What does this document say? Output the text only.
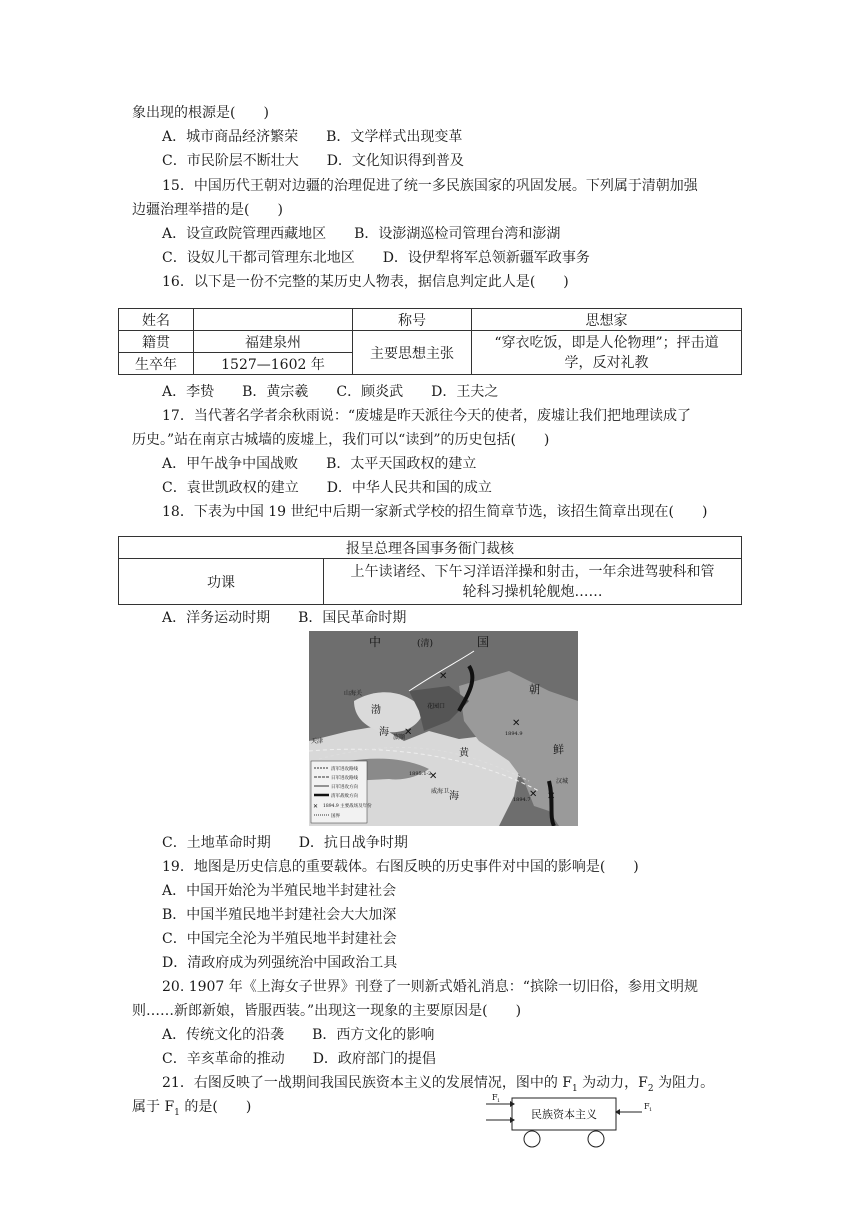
象出现的根源是(　　)
A．城市商品经济繁荣　　B．文学样式出现变革
C．市民阶层不断壮大　　D．文化知识得到普及
15．中国历代王朝对边疆的治理促进了统一多民族国家的巩固发展。下列属于清朝加强
边疆治理举措的是(　　)
A．设宣政院管理西藏地区　　B．设澎湖巡检司管理台湾和澎湖
C．设奴儿干都司管理东北地区　　D．设伊犁将军总领新疆军政事务
16．以下是一份不完整的某历史人物表，据信息判定此人是(　　)
姓名		称号	思想家
籍贯	福建泉州	主要思想主张	“穿衣吃饭，即是人伦物理”；抨击道
学，反对礼教

生卒年	1527—1602 年		
A．李贽　　B．黄宗羲　　C．顾炎武　　D．王夫之
17．当代著名学者余秋雨说：“废墟是昨天派往今天的使者，废墟让我们把地理读成了
历史。”站在南京古城墙的废墟上，我们可以“读到”的历史包括(　　)
A．甲午战争中国战败　　B．太平天国政权的建立
C．袁世凯政权的建立　　D．中华人民共和国的成立
18．下表为中国 19 世纪中后期一家新式学校的招生简章节选，该招生简章出现在(　　)
报呈总理各国事务衙门裁核
功课	
上午读诸经、下午习洋语洋操和射击，一年余进驾驶科和管
轮科习操机轮舰炮……
A．洋务运动时期　　B．国民革命时期
✕
✕
✕
✕
✕ ✕
中	(清)	国
朝
鲜
渤
海
黄
海
山海关
花园口
旅顺
威海卫
汉城
天津
1894.9
1895.1-2
1894.7
清军进攻路线
日军进攻路线
日军进攻方向
清军战败方向
1894.9 主要战场及年份
国界
✕
C．土地革命时期　　D．抗日战争时期
19．地图是历史信息的重要载体。右图反映的历史事件对中国的影响是(　　)
A．中国开始沦为半殖民地半封建社会
B．中国半殖民地半封建社会大大加深
C．中国完全沦为半殖民地半封建社会
D．清政府成为列强统治中国政治工具
20. 1907 年《上海女子世界》刊登了一则新式婚礼消息：“摈除一切旧俗，参用文明规
则……新郎新娘，皆服西装。”出现这一现象的主要原因是(　　)
A．传统文化的沿袭　　B．西方文化的影响
C．辛亥革命的推动　　D．政府部门的提倡
21．右图反映了一战期间我国民族资本主义的发展情况，图中的 $F_1$ 为动力，$F_2$ 为阻力。
属于 $F_1$ 的是(　　)	民族资本主义
F 1
F 1
